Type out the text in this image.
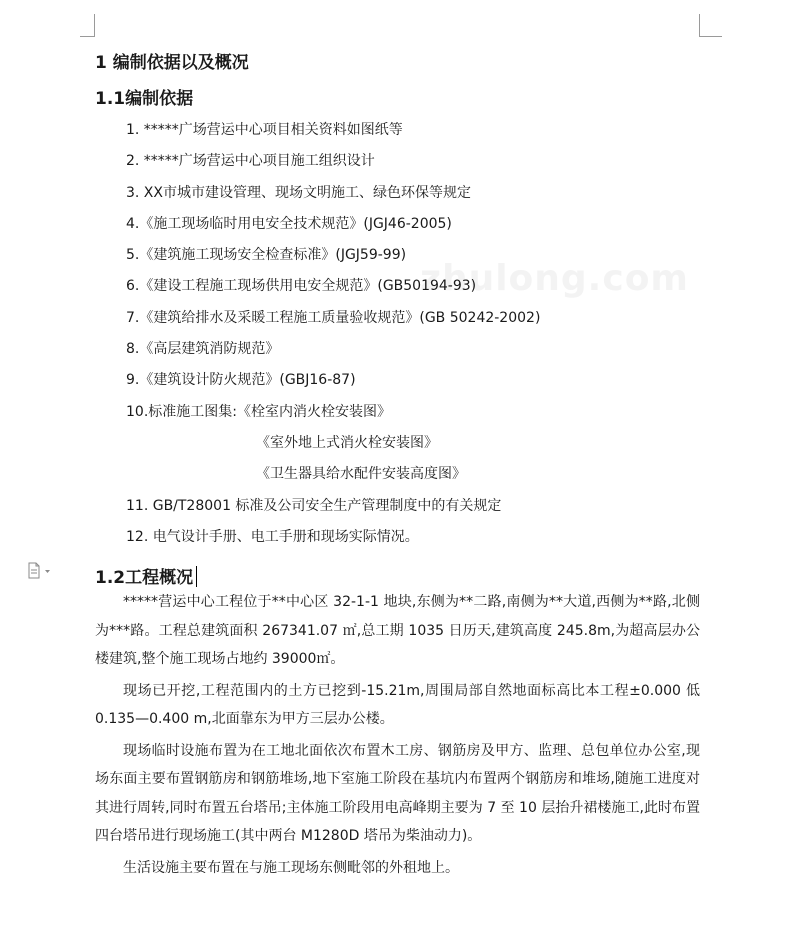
zhulong.com
1 编制依据以及概况
1.1编制依据
1. *****广场营运中心项目相关资料如图纸等
2. *****广场营运中心项目施工组织设计
3. XX市城市建设管理、现场文明施工、绿色环保等规定
4.《施工现场临时用电安全技术规范》(JGJ46-2005)
5.《建筑施工现场安全检查标准》(JGJ59-99)
6.《建设工程施工现场供用电安全规范》(GB50194-93)
7.《建筑给排水及采暖工程施工质量验收规范》(GB 50242-2002)
8.《高层建筑消防规范》
9.《建筑设计防火规范》(GBJ16-87)
10.标准施工图集:《栓室内消火栓安装图》
《室外地上式消火栓安装图》
《卫生器具给水配件安装高度图》
11. GB/T28001 标准及公司安全生产管理制度中的有关规定
12. 电气设计手册、电工手册和现场实际情况。
1.2工程概况

*****营运中心工程位于**中心区 32-1-1 地块,东侧为**二路,南侧为**大道,西侧为**路,北侧为***路。工程总建筑面积 267341.07 ㎡,总工期 1035 日历天,建筑高度 245.8m,为超高层办公楼建筑,整个施工现场占地约 39000㎡。

现场已开挖,工程范围内的土方已挖到-15.21m,周围局部自然地面标高比本工程±0.000 低 0.135—0.400 m,北面靠东为甲方三层办公楼。

现场临时设施布置为在工地北面依次布置木工房、钢筋房及甲方、监理、总包单位办公室,现场东面主要布置钢筋房和钢筋堆场,地下室施工阶段在基坑内布置两个钢筋房和堆场,随施工进度对其进行周转,同时布置五台塔吊;主体施工阶段用电高峰期主要为 7 至 10 层抬升裙楼施工,此时布置四台塔吊进行现场施工(其中两台 M1280D 塔吊为柴油动力)。

生活设施主要布置在与施工现场东侧毗邻的外租地上。
